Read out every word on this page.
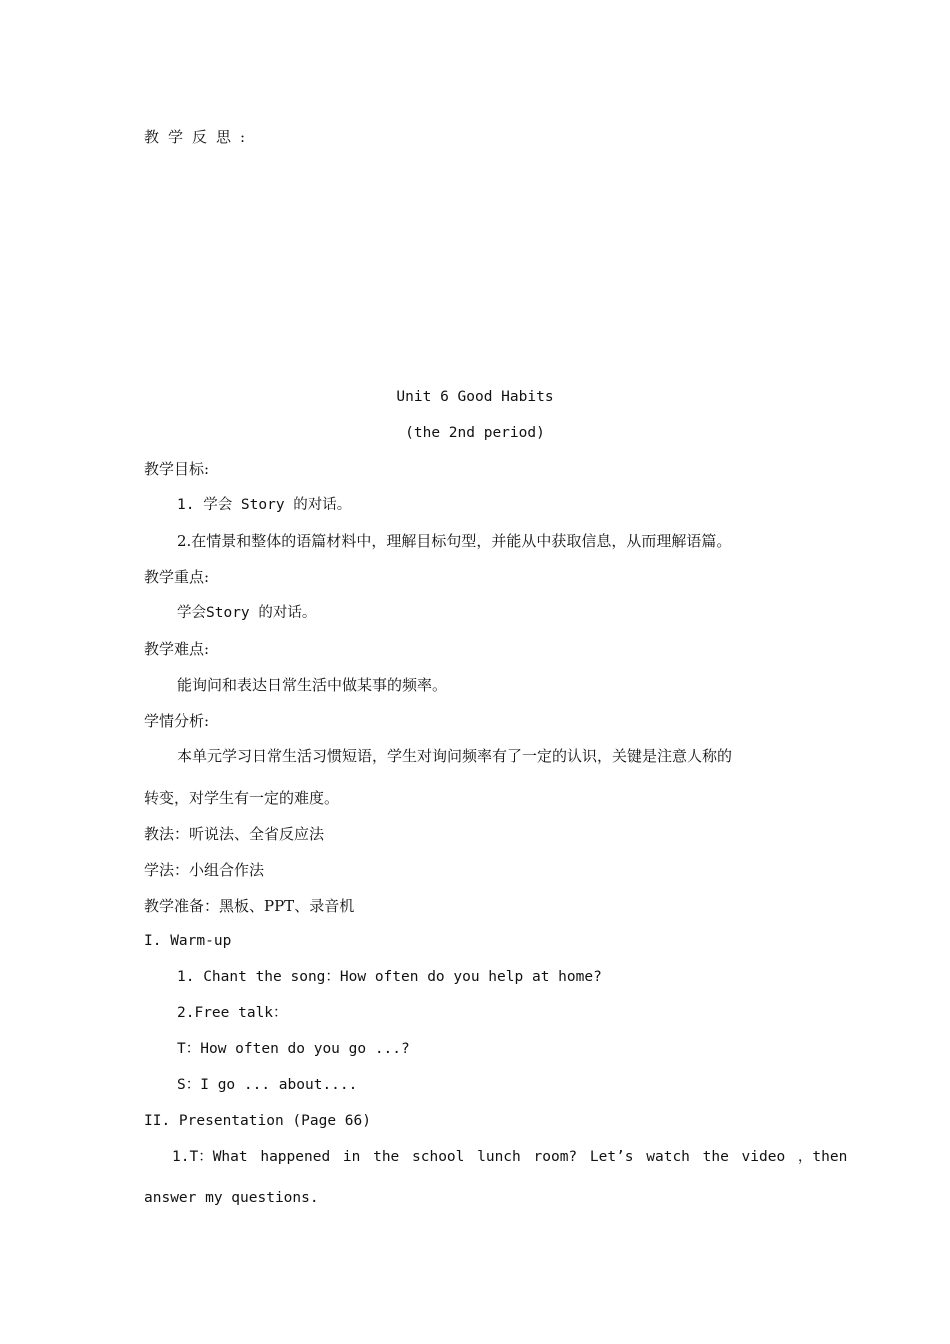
教学反思:
Unit 6 Good Habits
(the 2nd period)
教学目标:
1. 学会 Story 的对话。
2.在情景和整体的语篇材料中，理解目标句型，并能从中获取信息，从而理解语篇。
教学重点:
学会Story 的对话。
教学难点:
能询问和表达日常生活中做某事的频率。
学情分析:
本单元学习日常生活习惯短语，学生对询问频率有了一定的认识，关键是注意人称的
转变，对学生有一定的难度。
教法：听说法、全省反应法
学法：小组合作法
教学准备：黑板、PPT、录音机
I. Warm-up
1. Chant the song：How often do you help at home?
2.Free talk：
T：How often do you go ...?
S：I go ... about....
II. Presentation (Page 66)
1.T：What happened in the school lunch room? Let’s watch the video ，then
answer my questions.
